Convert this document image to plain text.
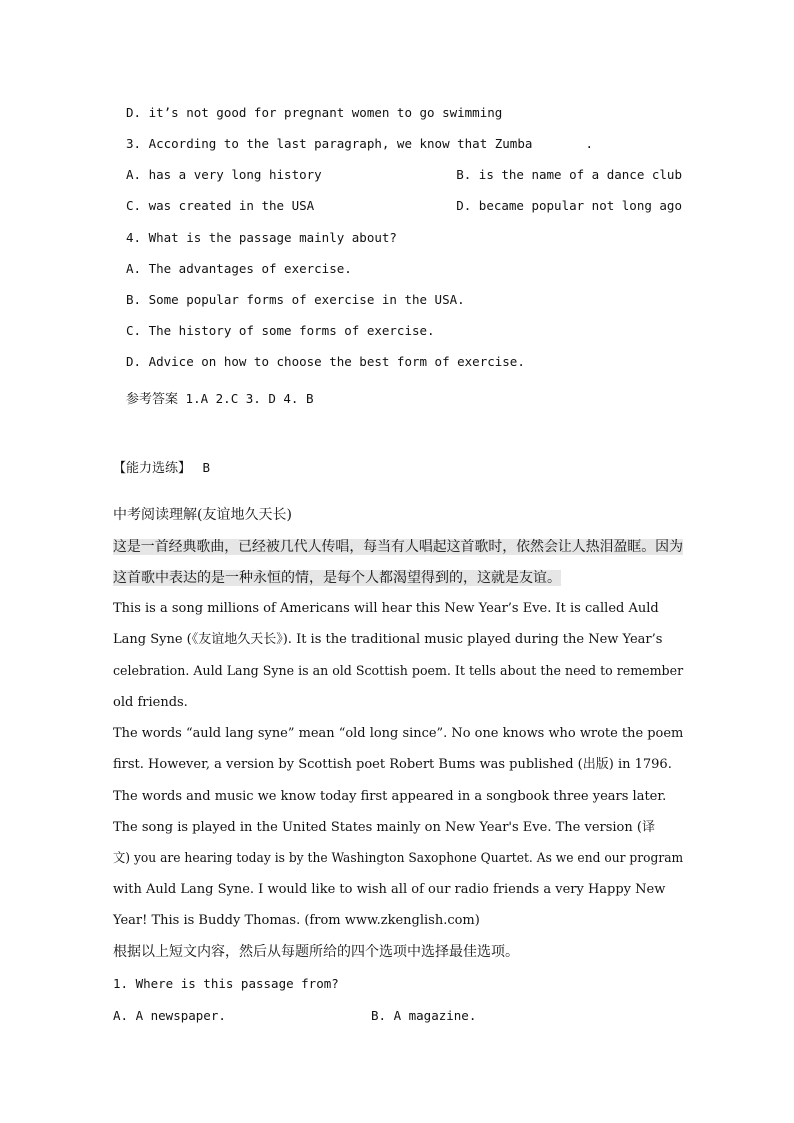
D. it’s not good for pregnant women to go swimming
3. According to the last paragraph, we know that Zumba	.
A. has a very long history	B. is the name of a dance club
C. was created in the USA	D. became popular not long ago
4. What is the passage mainly about?
A. The advantages of exercise.
B. Some popular forms of exercise in the USA.
C. The history of some forms of exercise.
D. Advice on how to choose the best form of exercise.
参考答案 1.A 2.C 3. D 4. B
【能力选练】 B
中考阅读理解(友谊地久天长)
这是一首经典歌曲，已经被几代人传唱，每当有人唱起这首歌时，依然会让人热泪盈眶。因为
这首歌中表达的是一种永恒的情，是每个人都渴望得到的，这就是友谊。
This is a song millions of Americans will hear this New Year’s Eve. It is called Auld
Lang Syne (《友谊地久天长》). It is the traditional music played during the New Year’s
celebration. Auld Lang Syne is an old Scottish poem. It tells about the need to remember
old friends.
The words “auld lang syne” mean “old long since”. No one knows who wrote the poem
first. However, a version by Scottish poet Robert Bums was published (出版) in 1796.
The words and music we know today first appeared in a songbook three years later.
The song is played in the United States mainly on New Year's Eve. The version (译
文) you are hearing today is by the Washington Saxophone Quartet. As we end our program
with Auld Lang Syne. I would like to wish all of our radio friends a very Happy New
Year! This is Buddy Thomas. (from www.zkenglish.com)
根据以上短文内容，然后从每题所给的四个选项中选择最佳选项。
1. Where is this passage from?
A. A newspaper.	B. A magazine.
